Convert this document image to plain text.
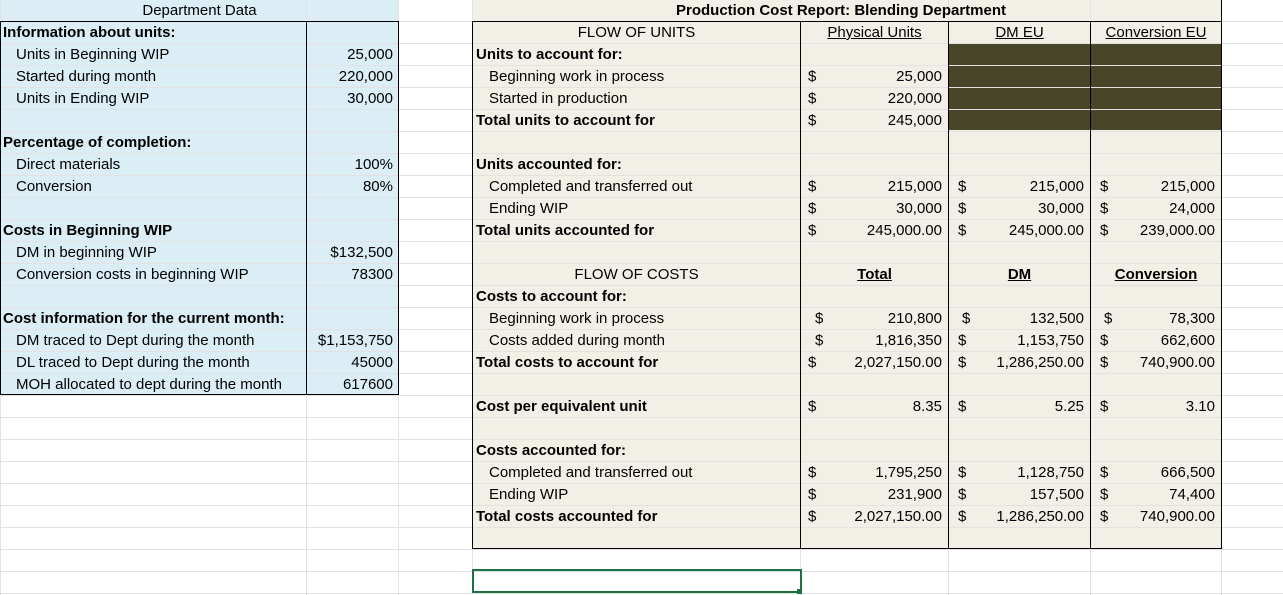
Department Data
Information about units:
Units in Beginning WIP	25,000
Started during month	220,000
Units in Ending WIP	30,000
Percentage of completion:
Direct materials	100%
Conversion	80%
Costs in Beginning WIP
DM in beginning WIP	$132,500
Conversion costs in beginning WIP	78300
Cost information for the current month:
DM traced to Dept during the month	$1,153,750
DL traced to Dept during the month	45000
MOH allocated to dept during the month	617600
Production Cost Report: Blending Department
FLOW OF UNITS	Physical Units	DM EU	Conversion EU
Units to account for:
Beginning work in process	$	25,000
Started in production	$	220,000
Total units to account for	$	245,000
Units accounted for:
Completed and transferred out	$	215,000	$	215,000	$	215,000
Ending WIP	$	30,000	$	30,000	$	24,000
Total units accounted for	$	245,000.00	$	245,000.00	$	239,000.00
FLOW OF COSTS	Total	DM	Conversion
Costs to account for:
Beginning work in process	$	210,800	$	132,500	$	78,300
Costs added during month	$	1,816,350	$	1,153,750	$	662,600
Total costs to account for	$	2,027,150.00	$	1,286,250.00	$	740,900.00
Cost per equivalent unit	$	8.35	$	5.25	$	3.10
Costs accounted for:
Completed and transferred out	$	1,795,250	$	1,128,750	$	666,500
Ending WIP	$	231,900	$	157,500	$	74,400
Total costs accounted for	$	2,027,150.00	$	1,286,250.00	$	740,900.00
